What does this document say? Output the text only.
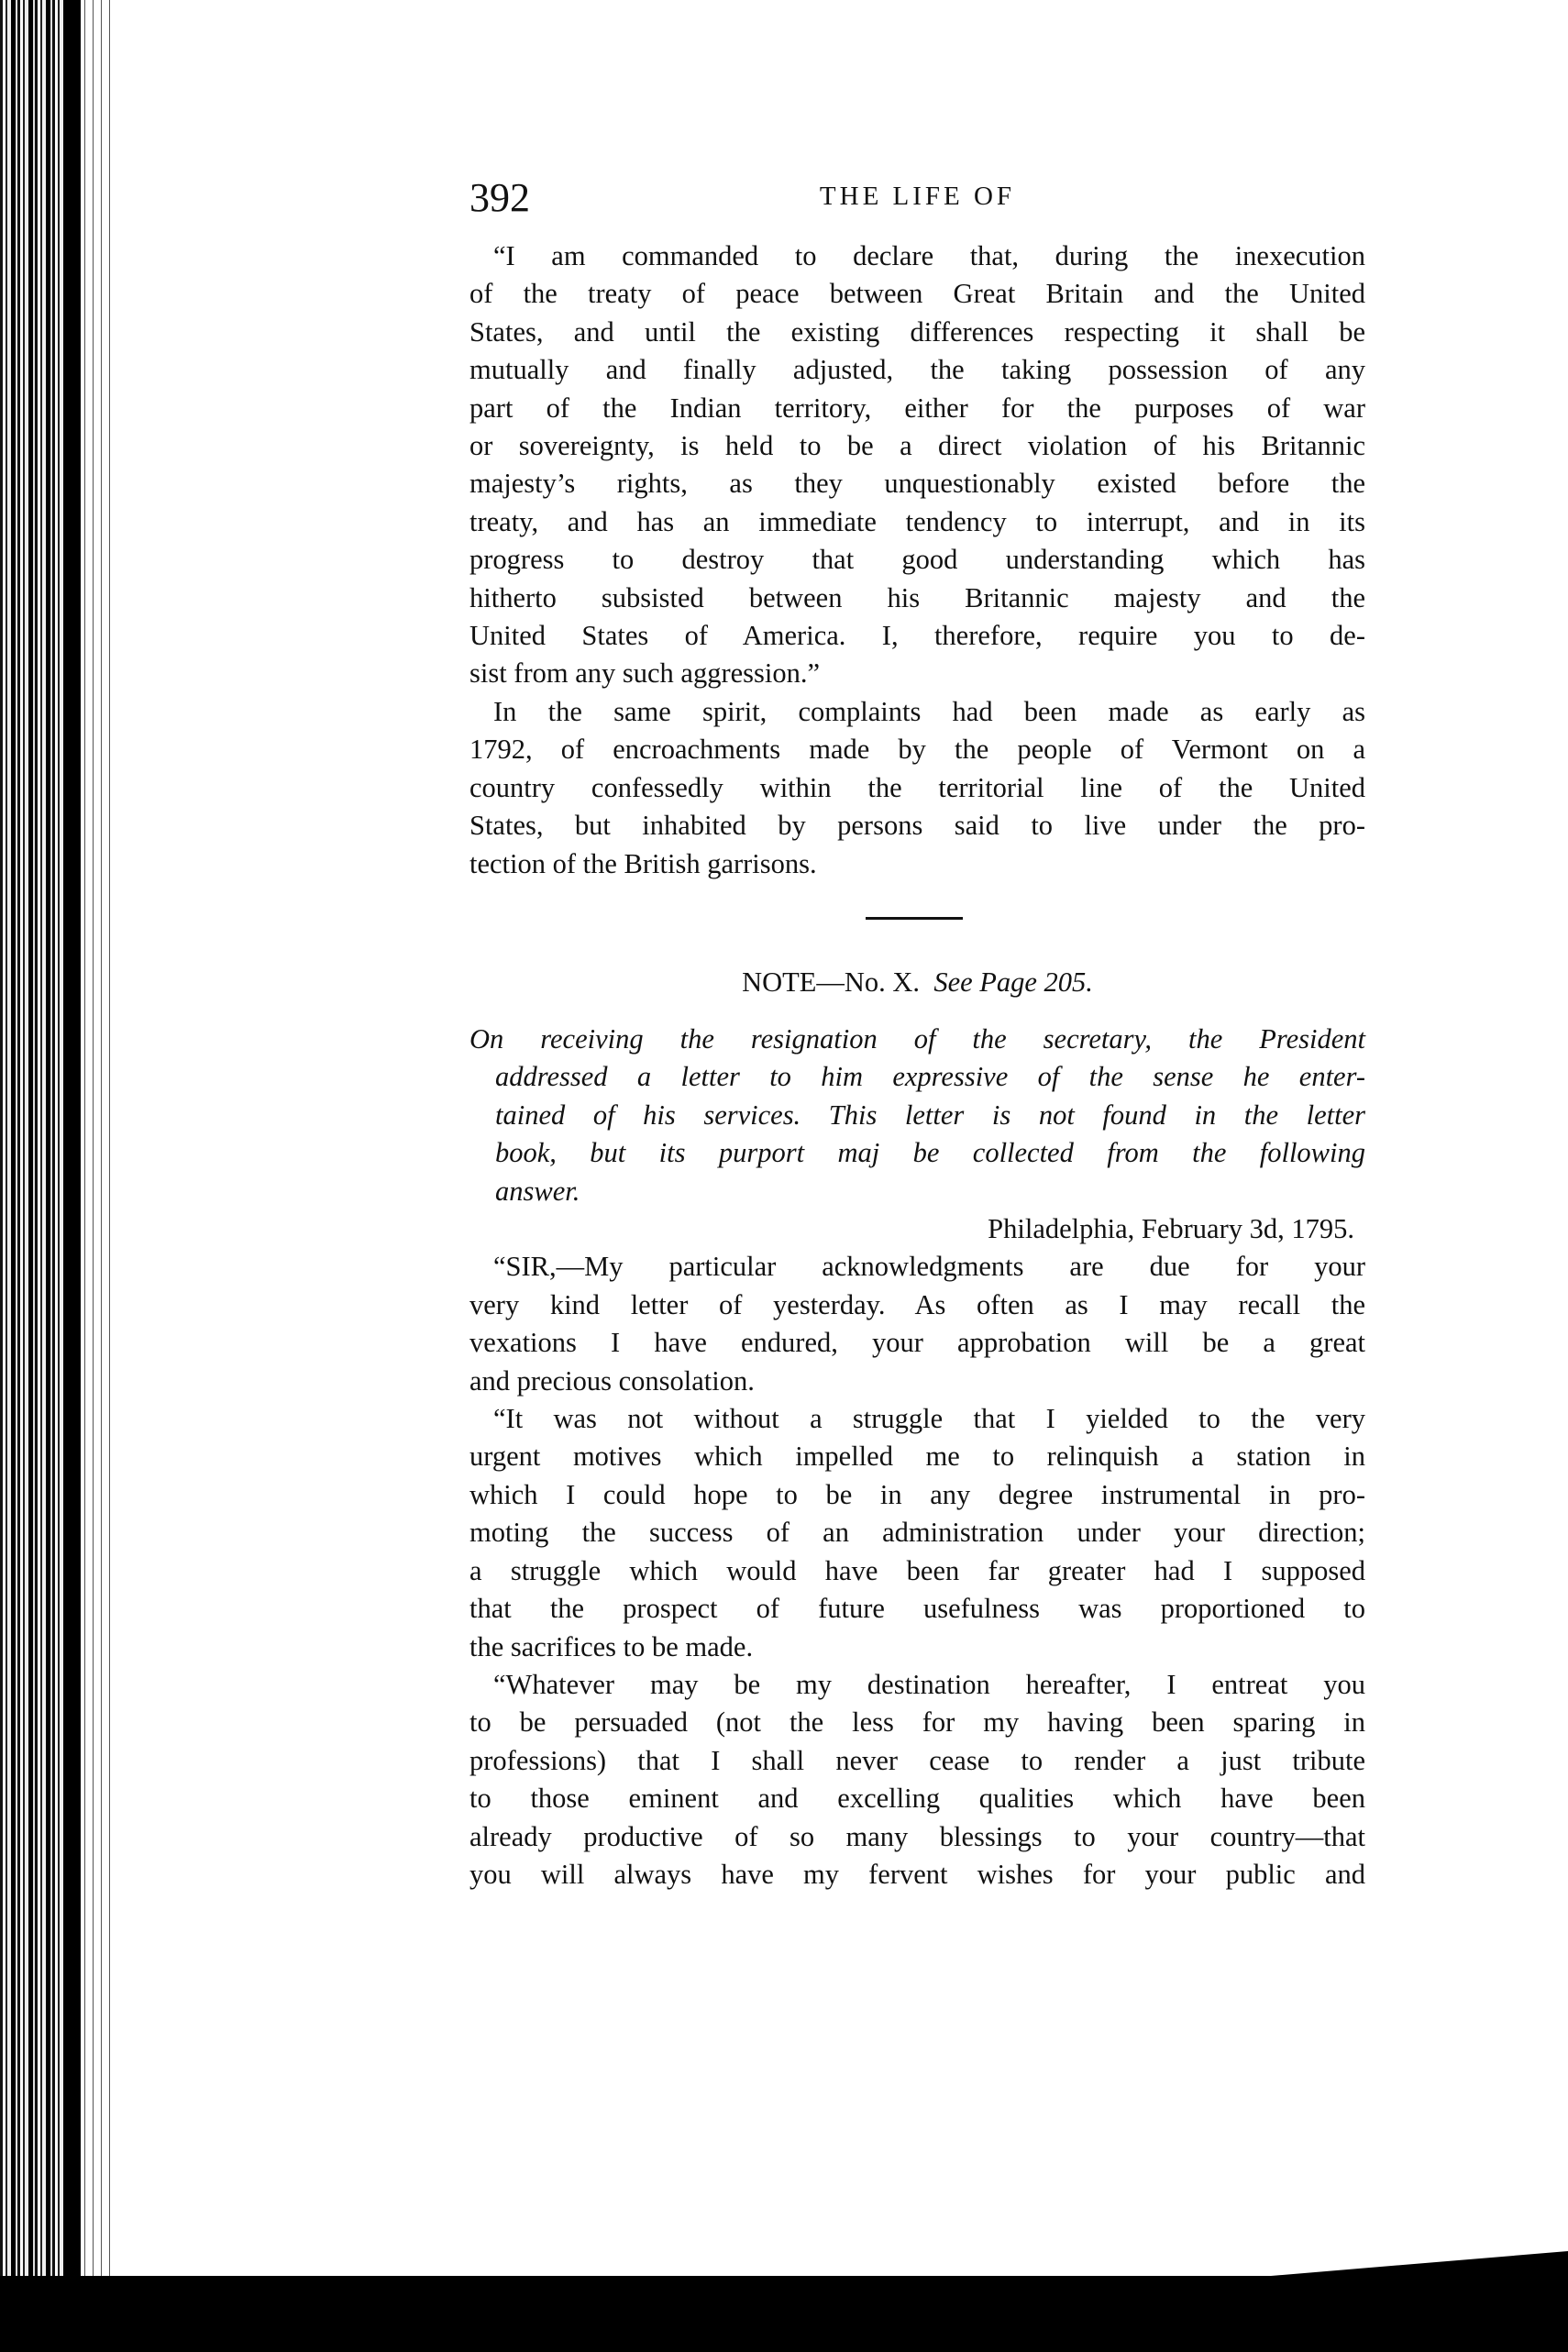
392	THE LIFE OF
“I am commanded to declare that, during the inexecution
of the treaty of peace between Great Britain and the United
States, and until the existing differences respecting it shall be
mutually and finally adjusted, the taking possession of any
part of the Indian territory, either for the purposes of war
or sovereignty, is held to be a direct violation of his Britannic
majesty’s rights, as they unquestionably existed before the
treaty, and has an immediate tendency to interrupt, and in its
progress to destroy that good understanding which has
hitherto subsisted between his Britannic majesty and the
United States of America. I, therefore, require you to de-
sist from any such aggression.”
In the same spirit, complaints had been made as early as
1792, of encroachments made by the people of Vermont on a
country confessedly within the territorial line of the United
States, but inhabited by persons said to live under the pro-
tection of the British garrisons.
NOTE—No. X. See Page 205.
On receiving the resignation of the secretary, the President
addressed a letter to him expressive of the sense he enter-
tained of his services. This letter is not found in the letter
book, but its purport maj be collected from the following
answer.
Philadelphia, February 3d, 1795.
“SIR,—My particular acknowledgments are due for your
very kind letter of yesterday. As often as I may recall the
vexations I have endured, your approbation will be a great
and precious consolation.
“It was not without a struggle that I yielded to the very
urgent motives which impelled me to relinquish a station in
which I could hope to be in any degree instrumental in pro-
moting the success of an administration under your direction;
a struggle which would have been far greater had I supposed
that the prospect of future usefulness was proportioned to
the sacrifices to be made.
“Whatever may be my destination hereafter, I entreat you
to be persuaded (not the less for my having been sparing in
professions) that I shall never cease to render a just tribute
to those eminent and excelling qualities which have been
already productive of so many blessings to your country—that
you will always have my fervent wishes for your public and
